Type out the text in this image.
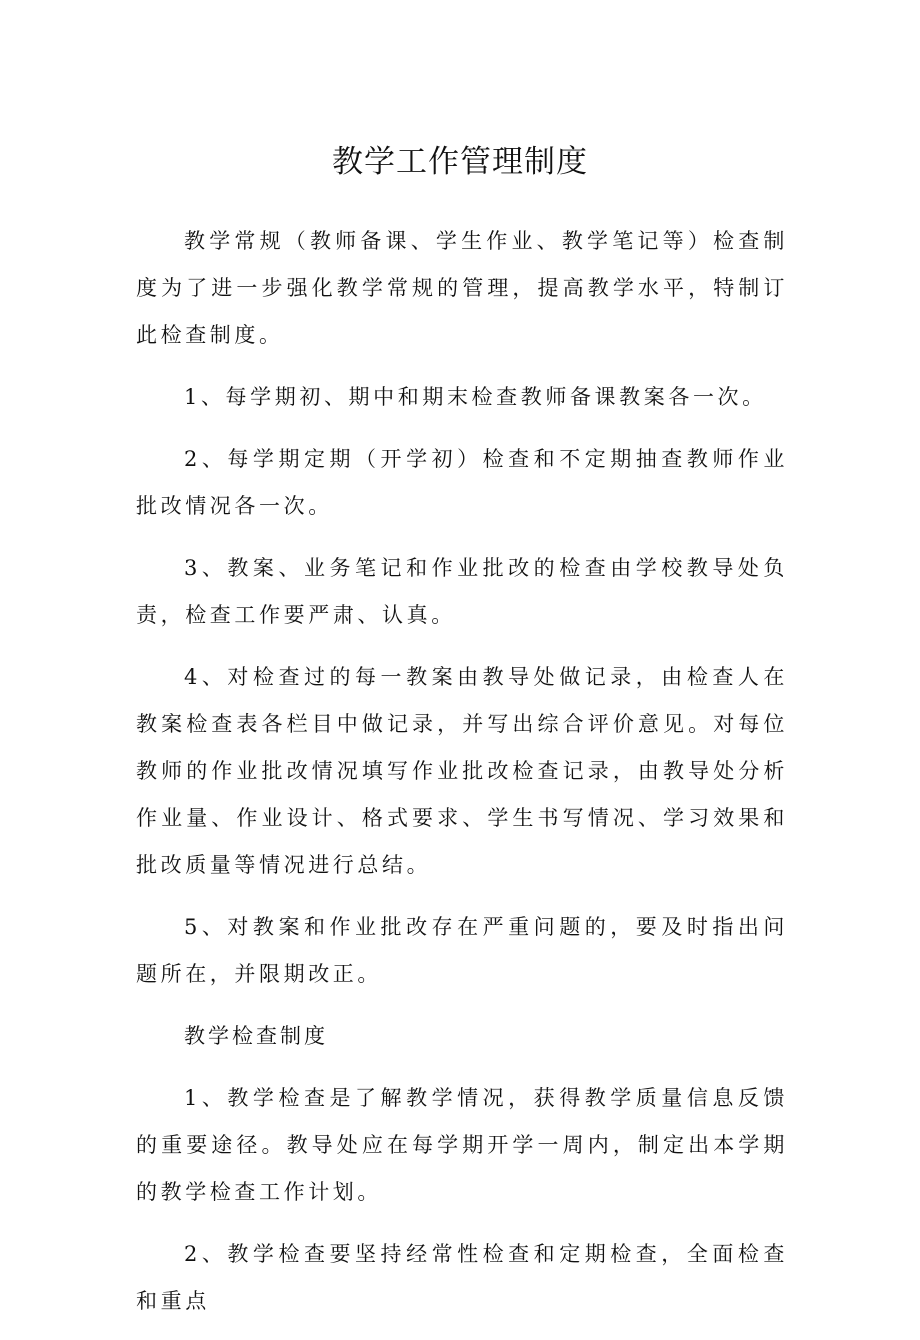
教学工作管理制度

教学常规（教师备课、学生作业、教学笔记等）检查制度为了进一步强化教学常规的管理，提高教学水平，特制订此检查制度。

1、每学期初、期中和期末检查教师备课教案各一次。

2、每学期定期（开学初）检查和不定期抽查教师作业批改情况各一次。

3、教案、业务笔记和作业批改的检查由学校教导处负责，检查工作要严肃、认真。

4、对检查过的每一教案由教导处做记录，由检查人在教案检查表各栏目中做记录，并写出综合评价意见。对每位教师的作业批改情况填写作业批改检查记录，由教导处分析作业量、作业设计、格式要求、学生书写情况、学习效果和批改质量等情况进行总结。

5、对教案和作业批改存在严重问题的，要及时指出问题所在，并限期改正。

教学检查制度

1、教学检查是了解教学情况，获得教学质量信息反馈的重要途径。教导处应在每学期开学一周内，制定出本学期的教学检查工作计划。

2、教学检查要坚持经常性检查和定期检查，全面检查和重点
